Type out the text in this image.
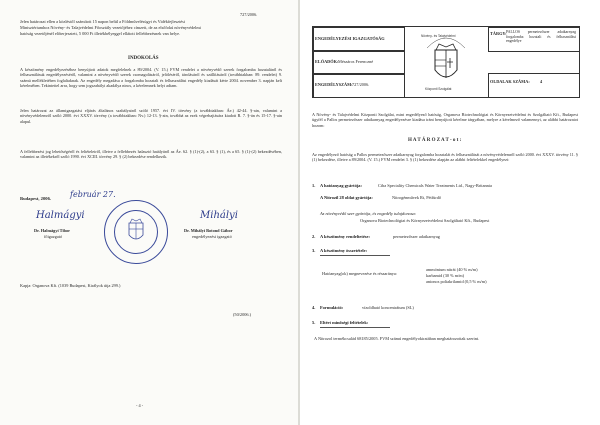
727/2006.
Jelen határozat ellen a közléstől számított 15 napon belül a Földművelésügyi és Vidékfejlesztési
Minisztériumhoz Növény- és Talajvédelmi Főosztály vezetőjéhez címzett, de az elsőfokú növényvédelmi
hatóság vezetőjénél előterjesztett, 5 000 Ft illetékbélyeggel ellátott fellebbezésnek van helye.
INDOKOLÁS
A készítmény engedélyezéséhez benyújtott adatok megfelelnek a 89/2004. (V. 15.) FVM rendelet a növényvédő szerek forgalomba hozataláról és felhasználásuk engedélyezéséről, valamint a növényvédő szerek csomagolásáról, jelöléséről, tárolásáról és szállításáról (továbbiakban: 89. rendelet) 9. számú mellékletében foglaltaknak. Az engedély megadása a forgalomba hozatali és felhasználási engedély kiadását kérte 2004. november 3. napján kelt kérelmében. Tekintettel arra, hogy sem jogszabályi akadálya nincs, a kérelemnek helyt adtam.
Jelen határozat az államigazgatási eljárás általános szabályairól szóló 1957. évi IV. törvény (a továbbiakban: Áe.) 42-44. §-ain, valamint a növényvédelemről szóló 2000. évi XXXV. törvény (a továbbiakban: Nv.) 12-13. §-ain, továbbá az ezek végrehajtására kiadott R. 7. §-án és 15-17. §-ain alapul.
A fellebbezési jog lehetőségéről és feltételeiről, illetve a fellebbezés halasztó hatályáról az Áe. 62. § (1)-(2), a 63. § (1), és a 65. § (1)-(2) bekezdésében, valamint az illetékekről szóló 1990. évi XCIII. törvény 29. § (2) bekezdése rendelkezik.
Budapest, 2006. február 27.
Halmágyi
Dr. Halmágyi Tibor
főigazgató
Mihályi
Dr. Mihályi Botond Gábor
engedélyezési igazgató
Kapja: Organova Kft. (1039 Budapest, Királyok útja 299.)
(50/2006.)
- 4 -
ENGEDÉLYEZÉSI IGAZGATÓSÁG
ELŐADÓK: Mészáros Ferenczné
ENGEDÉLYSZÁM: 727/2006.
TÁRGY: PALLOS permetezőszer adatkarnyag forgalomba hozatali és felhasználási engedélye
OLDALAK SZÁMA: 4
Növény- és Talajvédelmi
Központi Szolgálat
A Növény- és Talajvédelmi Központi Szolgálat, mint engedélyező hatóság, Organova Biotechnológiai és Környezetvédelmi és Szolgáltató Kft., Budapest ügyfél a Pallos permetezőszer adatkarnyag engedélyezésre kiadása iránt benyújtott kérelme tárgyában, melyre a kérelmező valamennyi, az alábbi határozatot hozom:
H A T Á R O Z A T - o t :
Az engedélyező hatóság a Pallos permetezőszer adatkarnyag forgalomba hozatalát és felhasználását a növényvédelemről szóló 2000. évi XXXV. törvény 11. § (1) bekezdése, illetve a 89/2004. (V. 15.) FVM rendelet 3. § (1) bekezdése alapján az alábbi feltételekkel engedélyezi:
1. A hatóanyag gyártója:	Ciba Speciality Chemicals Water Treatments Ltd., Nagy-Britannia
A Nitrozil 28 oldat gyártója:	Nitrogénművek Rt, Pétfürdő
Az növényvédő szer gyártója, és engedély tulajdonosa:
Organova Biotechnológiai és Környezetvédelmi Szolgáltató Kft., Budapest
2. A készítmény rendeltetése:	permetezőszer adatkarnyag
3. A készítmény összetétele:
Hatóanyag(ok) megnevezése és részaránya:
ammónium nitrát (40 % m/m)
karbamid (30 % m/m)
anionos poliakrilamid (0,5 % m/m)
4. Formuláció:	vízoldható koncentrátum (SL)
5. Eltért minőségi feltételek:
A Nitrozol termékcsalád 68185/2005. FVM számú engedélyokiratában meghatározottak szerint.
